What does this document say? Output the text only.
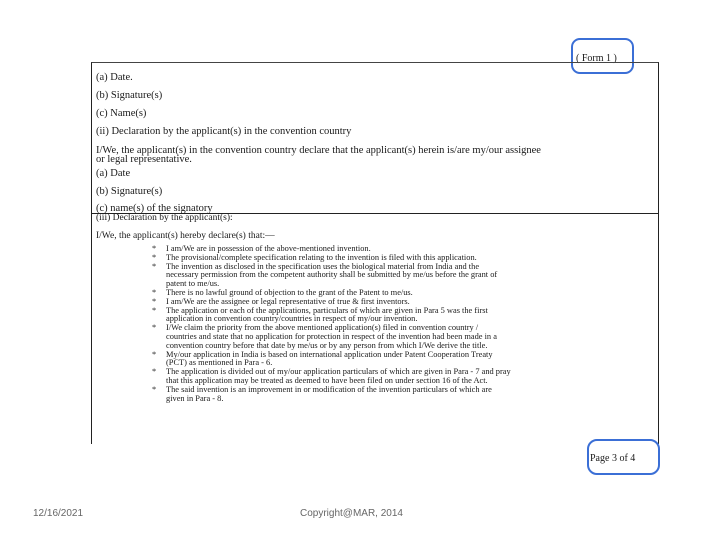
( Form 1 )
(a) Date.
(b) Signature(s)
(c) Name(s)
(ii) Declaration by the applicant(s) in the convention country
I/We, the applicant(s) in the convention country declare that the applicant(s) herein is/are my/our assignee
or legal representative.
(a) Date
(b) Signature(s)
(c) name(s) of the signatory
(iii) Declaration by the applicant(s):
I/We, the applicant(s) hereby declare(s) that:—
* I am/We are in possession of the above-mentioned invention.
* The provisional/complete specification relating to the invention is filed with this application.
* The invention as disclosed in the specification uses the biological material from India and the
necessary permission from the competent authority shall be submitted by me/us before the grant of
patent to me/us.
* There is no lawful ground of objection to the grant of the Patent to me/us.
* I am/We are the assignee or legal representative of true & first inventors.
* The application or each of the applications, particulars of which are given in Para 5 was the first
application in convention country/countries in respect of my/our invention.
* I/We claim the priority from the above mentioned application(s) filed in convention country /
countries and state that no application for protection in respect of the invention had been made in a
convention country before that date by me/us or by any person from which I/We derive the title.
* My/our application in India is based on international application under Patent Cooperation Treaty
(PCT) as mentioned in Para - 6.
* The application is divided out of my/our application particulars of which are given in Para - 7 and pray
that this application may be treated as deemed to have been filed on under section 16 of the Act.
* The said invention is an improvement in or modification of the invention particulars of which are
given in Para - 8.
Page 3 of 4
12/16/2021	Copyright@MAR, 2014
